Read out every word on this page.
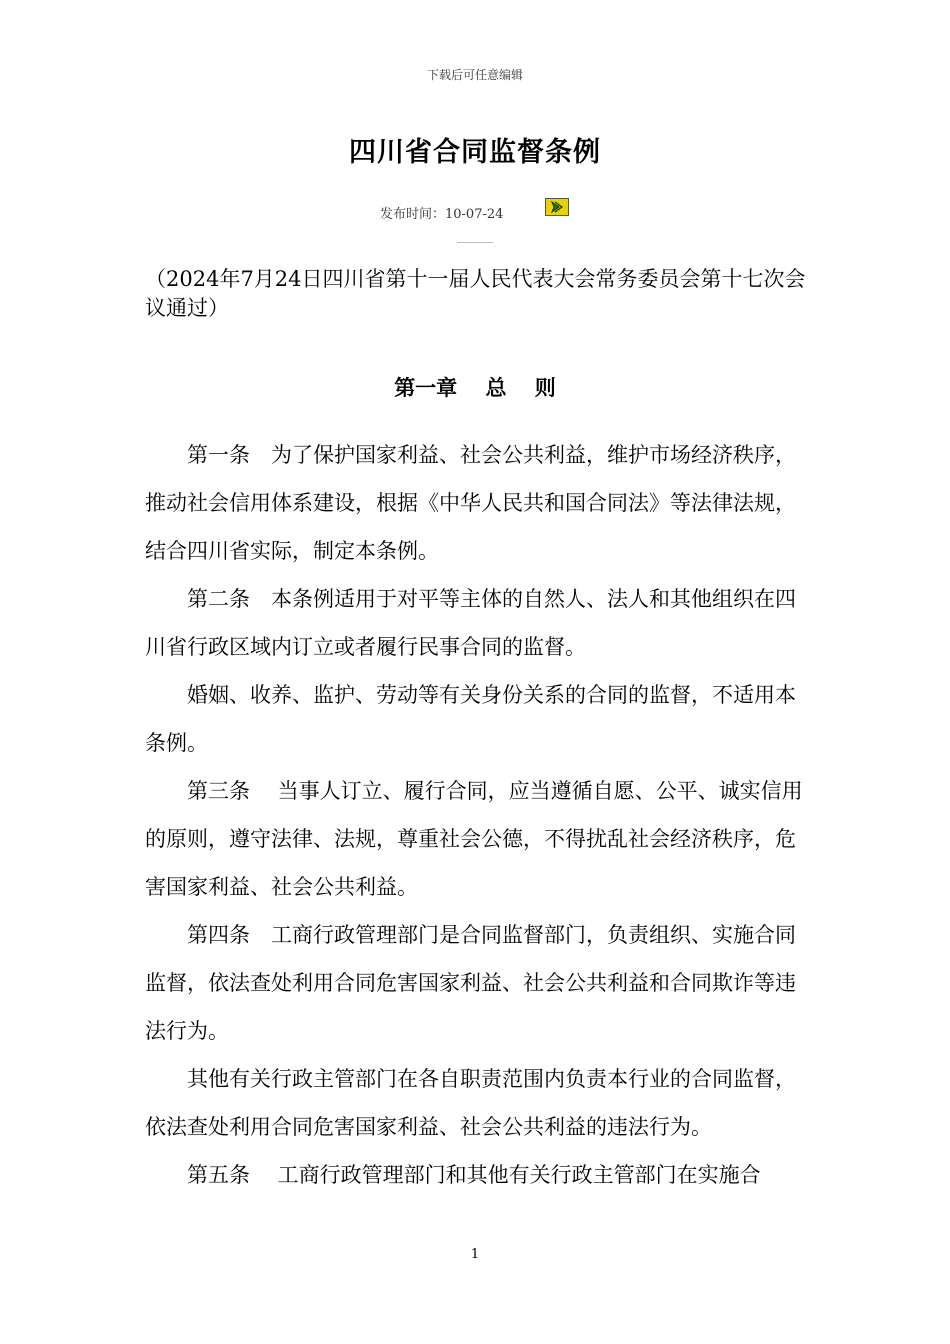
下载后可任意编辑
四川省合同监督条例
发布时间：10-07-24
（2024年7月24日四川省第十一届人民代表大会常务委员会第十七次会议通过）
第一章　 总　 则

第一条　为了保护国家利益、社会公共利益，维护市场经济秩序，推动社会信用体系建设，根据《中华人民共和国合同法》等法律法规，结合四川省实际，制定本条例。

第二条　本条例适用于对平等主体的自然人、法人和其他组织在四川省行政区域内订立或者履行民事合同的监督。

婚姻、收养、监护、劳动等有关身份关系的合同的监督，不适用本条例。

第三条　 当事人订立、履行合同，应当遵循自愿、公平、诚实信用的原则，遵守法律、法规，尊重社会公德，不得扰乱社会经济秩序，危害国家利益、社会公共利益。

第四条　工商行政管理部门是合同监督部门，负责组织、实施合同监督，依法查处利用合同危害国家利益、社会公共利益和合同欺诈等违法行为。

其他有关行政主管部门在各自职责范围内负责本行业的合同监督，依法查处利用合同危害国家利益、社会公共利益的违法行为。

第五条　 工商行政管理部门和其他有关行政主管部门在实施合

1
